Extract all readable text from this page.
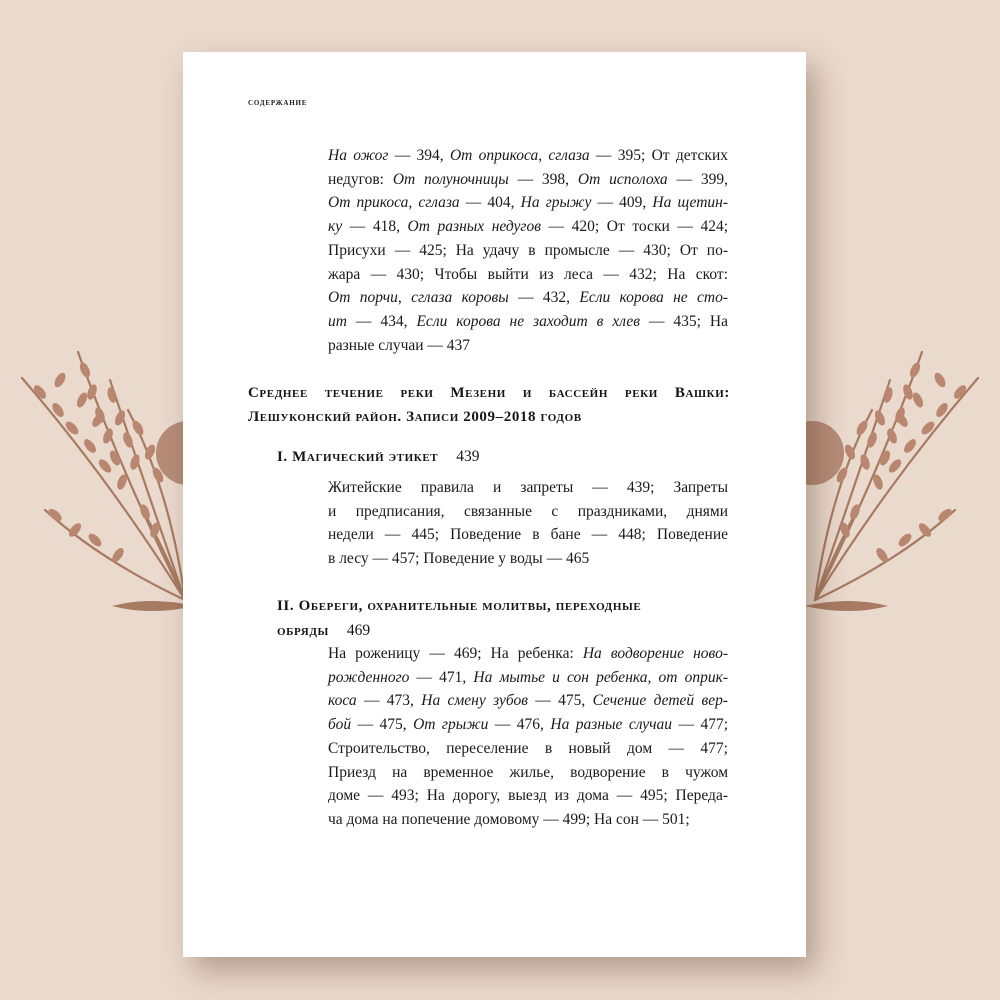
содержание
На ожог — 394, От оприкоса, сглаза — 395; От детских
недугов: От полуночницы — 398, От исполоха — 399,
От прикоса, сглаза — 404, На грыжу — 409, На щетин-
ку — 418, От разных недугов — 420; От тоски — 424;
Присухи — 425; На удачу в промысле — 430; От по-
жара — 430; Чтобы выйти из леса — 432; На скот:
От порчи, сглаза коровы — 432, Если корова не сто-
ит — 434, Если корова не заходит в хлев — 435; На
разные случаи — 437
Среднее течение реки Мезени и бассейн реки Вашки:
Лешуконский район. Записи 2009–2018 годов
I. Магический этикет 439
Житейские правила и запреты — 439; Запреты
и предписания, связанные с праздниками, днями
недели — 445; Поведение в бане — 448; Поведение
в лесу — 457; Поведение у воды — 465
II. Обереги, охранительные молитвы, переходные
обряды 469
На роженицу — 469; На ребенка: На водворение ново-
рожденного — 471, На мытье и сон ребенка, от оприк-
коса — 473, На смену зубов — 475, Сечение детей вер-
бой — 475, От грыжи — 476, На разные случаи — 477;
Строительство, переселение в новый дом — 477;
Приезд на временное жилье, водворение в чужом
доме — 493; На дорогу, выезд из дома — 495; Переда-
ча дома на попечение домовому — 499; На сон — 501;
